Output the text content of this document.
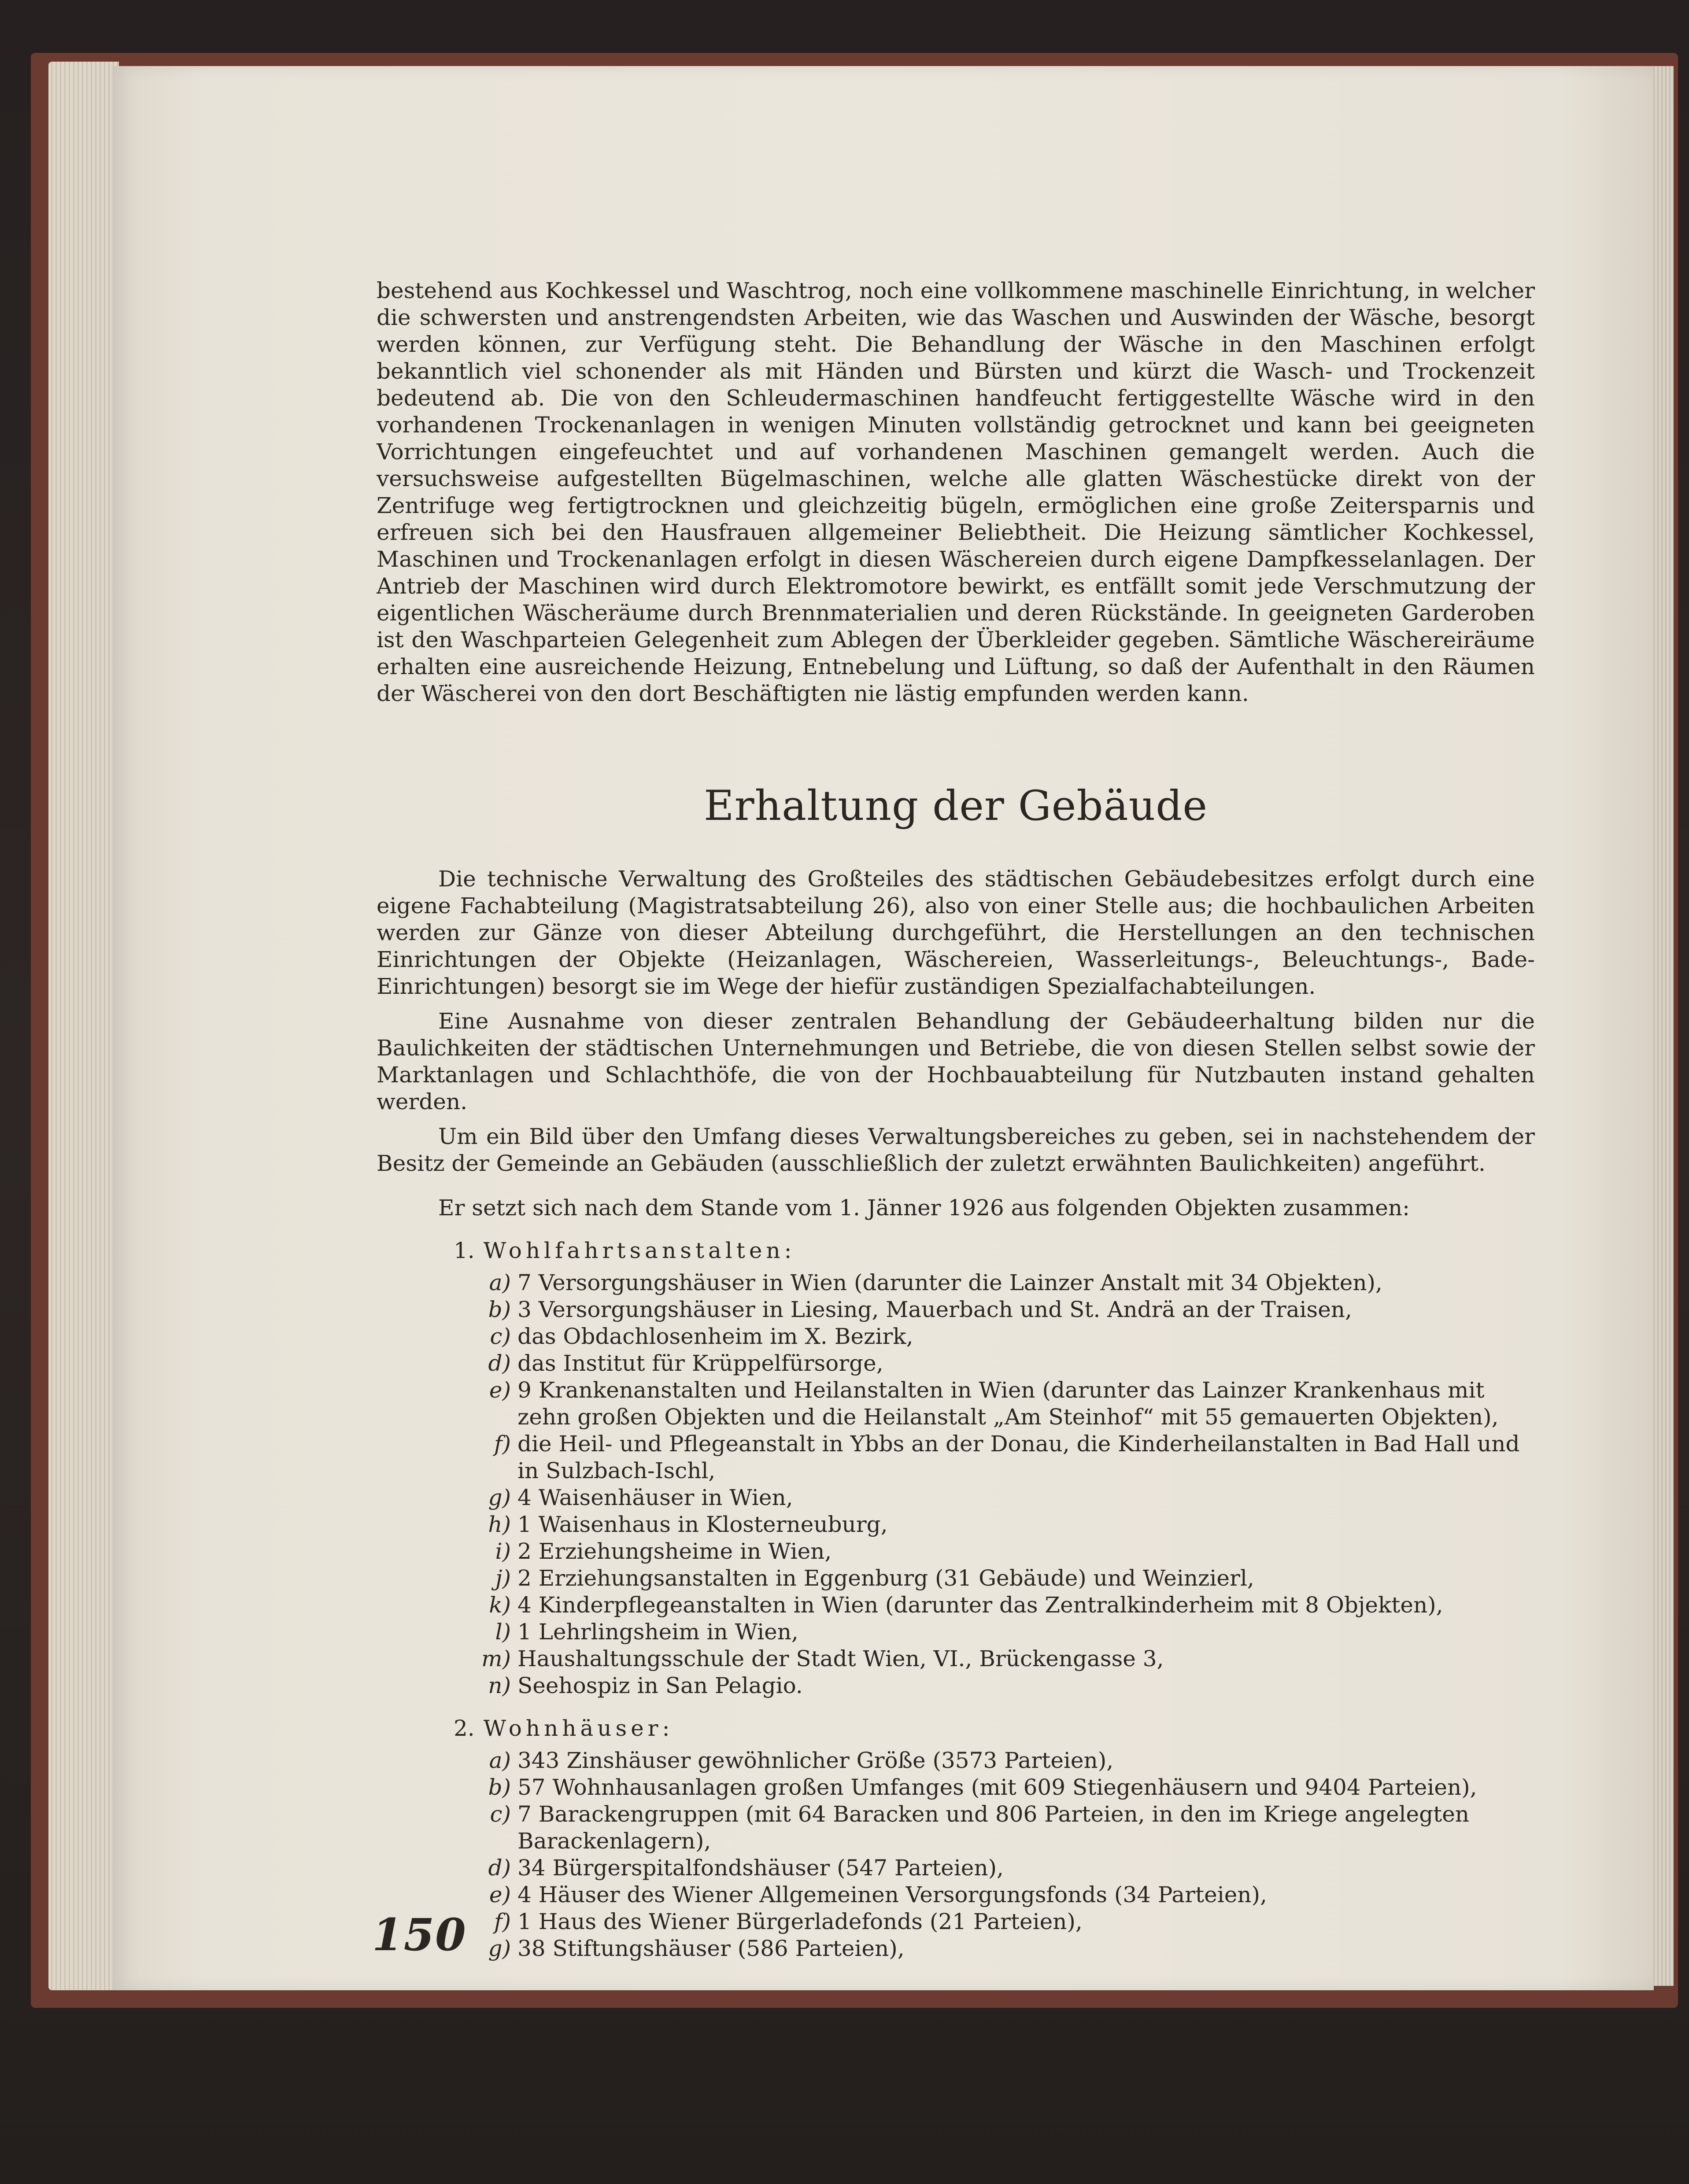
bestehend aus Kochkessel und Waschtrog, noch eine vollkommene maschinelle Einrichtung, in welcher die schwersten und anstrengendsten Arbeiten, wie das Waschen und Auswinden der Wäsche, besorgt werden können, zur Verfügung steht. Die Behandlung der Wäsche in den Maschinen erfolgt bekanntlich viel schonender als mit Händen und Bürsten und kürzt die Wasch- und Trockenzeit bedeutend ab. Die von den Schleudermaschinen handfeucht fertiggestellte Wäsche wird in den vorhandenen Trockenanlagen in wenigen Minuten vollständig getrocknet und kann bei geeigneten Vorrichtungen eingefeuchtet und auf vorhandenen Maschinen gemangelt werden. Auch die versuchsweise aufgestellten Bügelmaschinen, welche alle glatten Wäschestücke direkt von der Zentrifuge weg fertigtrocknen und gleichzeitig bügeln, ermöglichen eine große Zeitersparnis und erfreuen sich bei den Hausfrauen allgemeiner Beliebtheit. Die Heizung sämtlicher Kochkessel, Maschinen und Trockenanlagen erfolgt in diesen Wäschereien durch eigene Dampfkesselanlagen. Der Antrieb der Maschinen wird durch Elektromotore bewirkt, es entfällt somit jede Verschmutzung der eigentlichen Wäscheräume durch Brennmaterialien und deren Rückstände. In geeigneten Garderoben ist den Waschparteien Gelegenheit zum Ablegen der Überkleider gegeben. Sämtliche Wäschereiräume erhalten eine ausreichende Heizung, Entnebelung und Lüftung, so daß der Aufenthalt in den Räumen der Wäscherei von den dort Beschäftigten nie lästig empfunden werden kann.

Erhaltung der Gebäude

Die technische Verwaltung des Großteiles des städtischen Gebäudebesitzes erfolgt durch eine eigene Fachabteilung (Magistratsabteilung 26), also von einer Stelle aus; die hochbaulichen Arbeiten werden zur Gänze von dieser Abteilung durchgeführt, die Herstellungen an den technischen Einrichtungen der Objekte (Heizanlagen, Wäschereien, Wasserleitungs-, Beleuchtungs-, Bade-Einrichtungen) besorgt sie im Wege der hiefür zuständigen Spezialfachabteilungen.

Eine Ausnahme von dieser zentralen Behandlung der Gebäudeerhaltung bilden nur die Baulichkeiten der städtischen Unternehmungen und Betriebe, die von diesen Stellen selbst sowie der Marktanlagen und Schlachthöfe, die von der Hochbauabteilung für Nutzbauten instand gehalten werden.

Um ein Bild über den Umfang dieses Verwaltungsbereiches zu geben, sei in nachstehendem der Besitz der Gemeinde an Gebäuden (ausschließlich der zuletzt erwähnten Baulichkeiten) angeführt.

Er setzt sich nach dem Stande vom 1. Jänner 1926 aus folgenden Objekten zusammen:

1. Wohlfahrtsanstalten:
a) 7 Versorgungshäuser in Wien (darunter die Lainzer Anstalt mit 34 Objekten),
b) 3 Versorgungshäuser in Liesing, Mauerbach und St. Andrä an der Traisen,
c) das Obdachlosenheim im X. Bezirk,
d) das Institut für Krüppelfürsorge,
e) 9 Krankenanstalten und Heilanstalten in Wien (darunter das Lainzer Krankenhaus mit zehn großen Objekten und die Heilanstalt „Am Steinhof“ mit 55 gemauerten Objekten),
f) die Heil- und Pflegeanstalt in Ybbs an der Donau, die Kinderheilanstalten in Bad Hall und in Sulzbach-Ischl,
g) 4 Waisenhäuser in Wien,
h) 1 Waisenhaus in Klosterneuburg,
i) 2 Erziehungsheime in Wien,
j) 2 Erziehungsanstalten in Eggenburg (31 Gebäude) und Weinzierl,
k) 4 Kinderpflegeanstalten in Wien (darunter das Zentralkinderheim mit 8 Objekten),
l) 1 Lehrlingsheim in Wien,
m) Haushaltungsschule der Stadt Wien, VI., Brückengasse 3,
n) Seehospiz in San Pelagio.
2. Wohnhäuser:
a) 343 Zinshäuser gewöhnlicher Größe (3573 Parteien),
b) 57 Wohnhausanlagen großen Umfanges (mit 609 Stiegenhäusern und 9404 Parteien),
c) 7 Barackengruppen (mit 64 Baracken und 806 Parteien, in den im Kriege angelegten Barackenlagern),
d) 34 Bürgerspitalfondshäuser (547 Parteien),
e) 4 Häuser des Wiener Allgemeinen Versorgungsfonds (34 Parteien),
f) 1 Haus des Wiener Bürgerladefonds (21 Parteien),
g) 38 Stiftungshäuser (586 Parteien),
150
